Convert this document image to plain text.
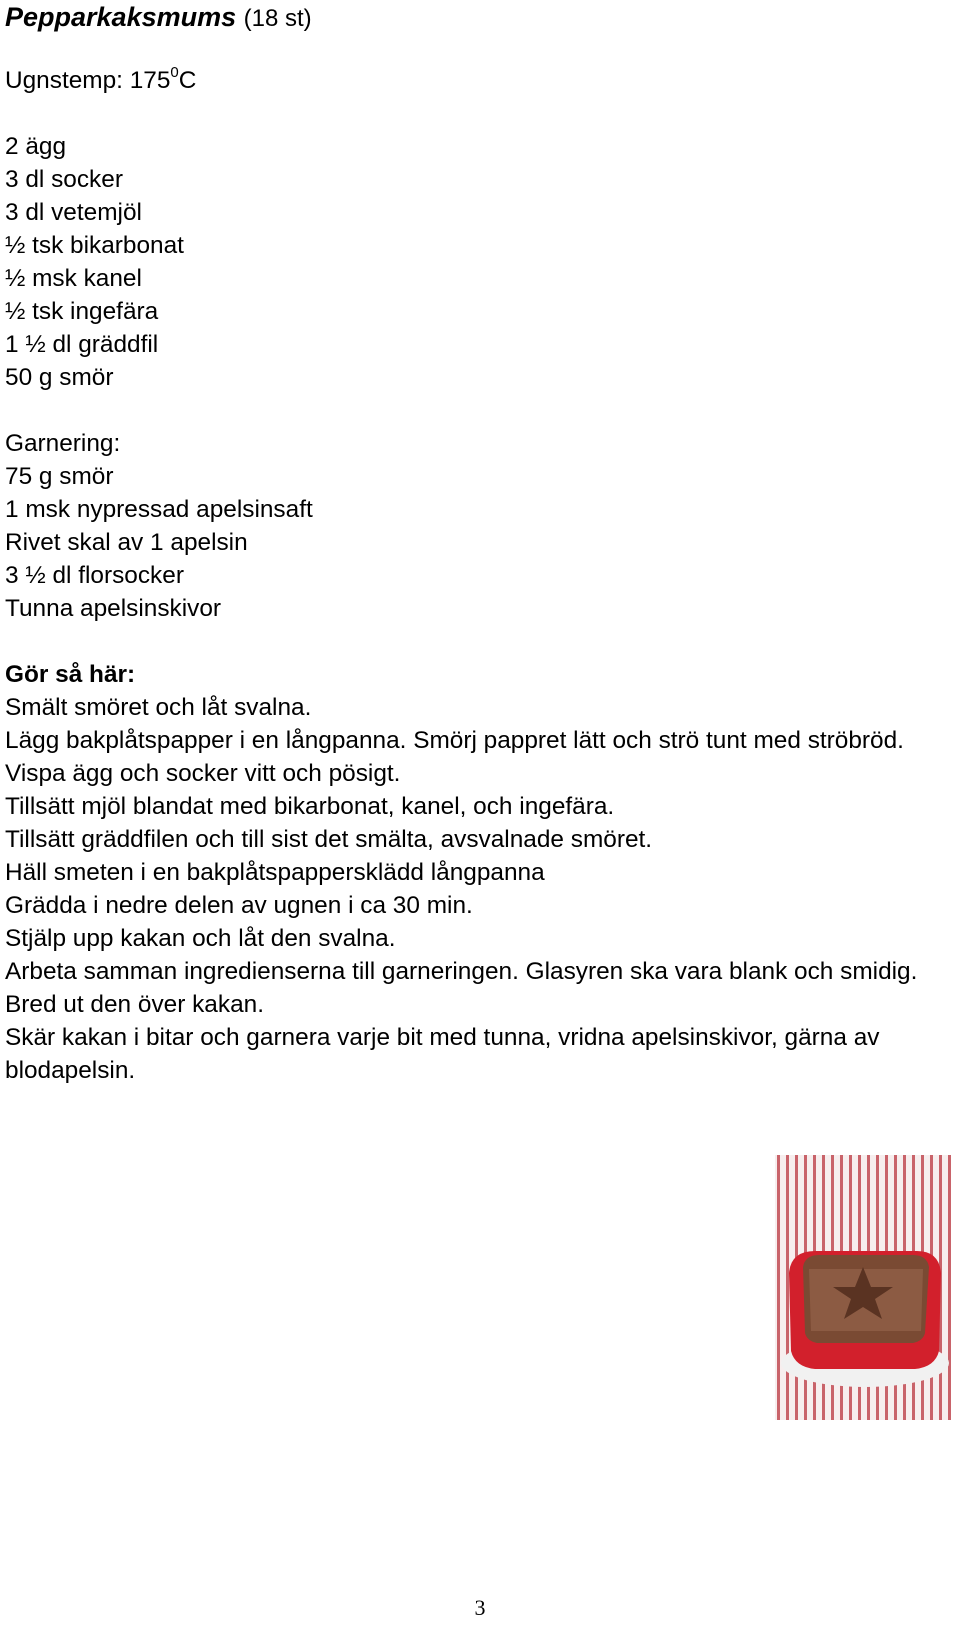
Pepparkaksmums (18 st)
Ugnstemp: $175^0C$
2 ägg
3 dl socker
3 dl vetemjöl
½ tsk bikarbonat
½ msk kanel
½ tsk ingefära
1 ½ dl gräddfil
50 g smör
Garnering:
75 g smör
1 msk nypressad apelsinsaft
Rivet skal av 1 apelsin
3 ½ dl florsocker
Tunna apelsinskivor
Gör så här:
Smält smöret och låt svalna.
Lägg bakplåtspapper i en långpanna. Smörj pappret lätt och strö tunt med ströbröd.
Vispa ägg och socker vitt och pösigt.
Tillsätt mjöl blandat med bikarbonat, kanel, och ingefära.
Tillsätt gräddfilen och till sist det smälta, avsvalnade smöret.
Häll smeten i en bakplåtspappersklädd långpanna
Grädda i nedre delen av ugnen i ca 30 min.
Stjälp upp kakan och låt den svalna.
Arbeta samman ingredienserna till garneringen. Glasyren ska vara blank och smidig.
Bred ut den över kakan.
Skär kakan i bitar och garnera varje bit med tunna, vridna apelsinskivor, gärna av blodapelsin.
3
